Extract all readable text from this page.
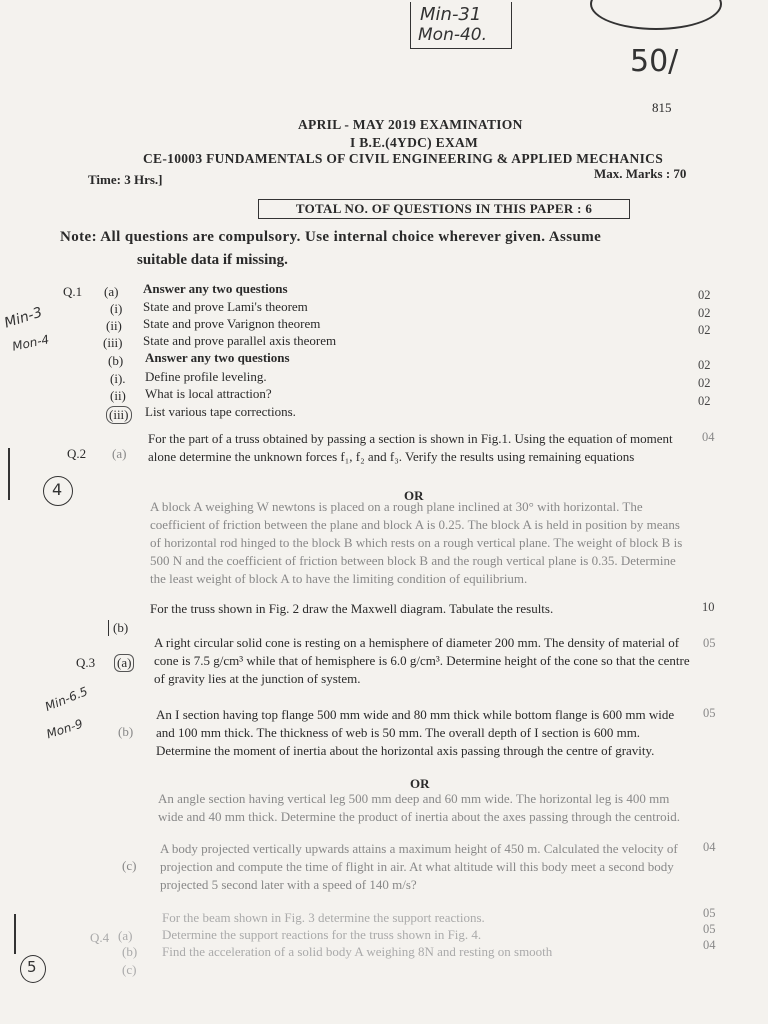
Min-31
Mon-40.
50/
815
APRIL - MAY 2019 EXAMINATION
I B.E.(4YDC) EXAM
CE-10003 FUNDAMENTALS OF CIVIL ENGINEERING & APPLIED MECHANICS
Time: 3 Hrs.]	Max. Marks : 70
TOTAL NO. OF QUESTIONS IN THIS PAPER : 6
Note: All questions are compulsory. Use internal choice wherever given. Assume
suitable data if missing.
Q.1 (a) Answer any two questions
(i) State and prove Lami's theorem
02
(ii) State and prove Varignon theorem
02
(iii) State and prove parallel axis theorem
02
(b) Answer any two questions
(i). Define profile leveling.
02
(ii) What is local attraction?
02
(iii) List various tape corrections.
02
Min-3
Mon-4
4
Q.2 (a)
For the part of a truss obtained by passing a section is shown in Fig.1. Using the equation of moment alone determine the unknown forces f₁, f₂ and f₃. Verify the results using remaining equations
04
OR
A block A weighing W newtons is placed on a rough plane inclined at 30° with horizontal. The coefficient of friction between the plane and block A is 0.25. The block A is held in position by means of horizontal rod hinged to the block B which rests on a rough vertical plane. The weight of block B is 500 N and the coefficient of friction between block B and the rough vertical plane is 0.35. Determine the least weight of block A to have the limiting condition of equilibrium.
(b)
For the truss shown in Fig. 2 draw the Maxwell diagram. Tabulate the results.	10
Q.3 (a)
A right circular solid cone is resting on a hemisphere of diameter 200 mm. The density of material of cone is 7.5 g/cm³ while that of hemisphere is 6.0 g/cm³. Determine height of the cone so that the centre of gravity lies at the junction of system.
05
Min-6.5
Mon-9	(b)
An I section having top flange 500 mm wide and 80 mm thick while bottom flange is 600 mm wide and 100 mm thick. The thickness of web is 50 mm. The overall depth of I section is 600 mm. Determine the moment of inertia about the horizontal axis passing through the centre of gravity.
05
OR
An angle section having vertical leg 500 mm deep and 60 mm wide. The horizontal leg is 400 mm wide and 40 mm thick. Determine the product of inertia about the axes passing through the centroid.
(c)
A body projected vertically upwards attains a maximum height of 450 m. Calculated the velocity of projection and compute the time of flight in air. At what altitude will this body meet a second body projected 5 second later with a speed of 140 m/s?
04
5
Q.4 (a)
For the beam shown in Fig. 3 determine the support reactions.	05
(b)
Determine the support reactions for the truss shown in Fig. 4.	05
(c)
Find the acceleration of a solid body A weighing 8N and resting on smooth	04
